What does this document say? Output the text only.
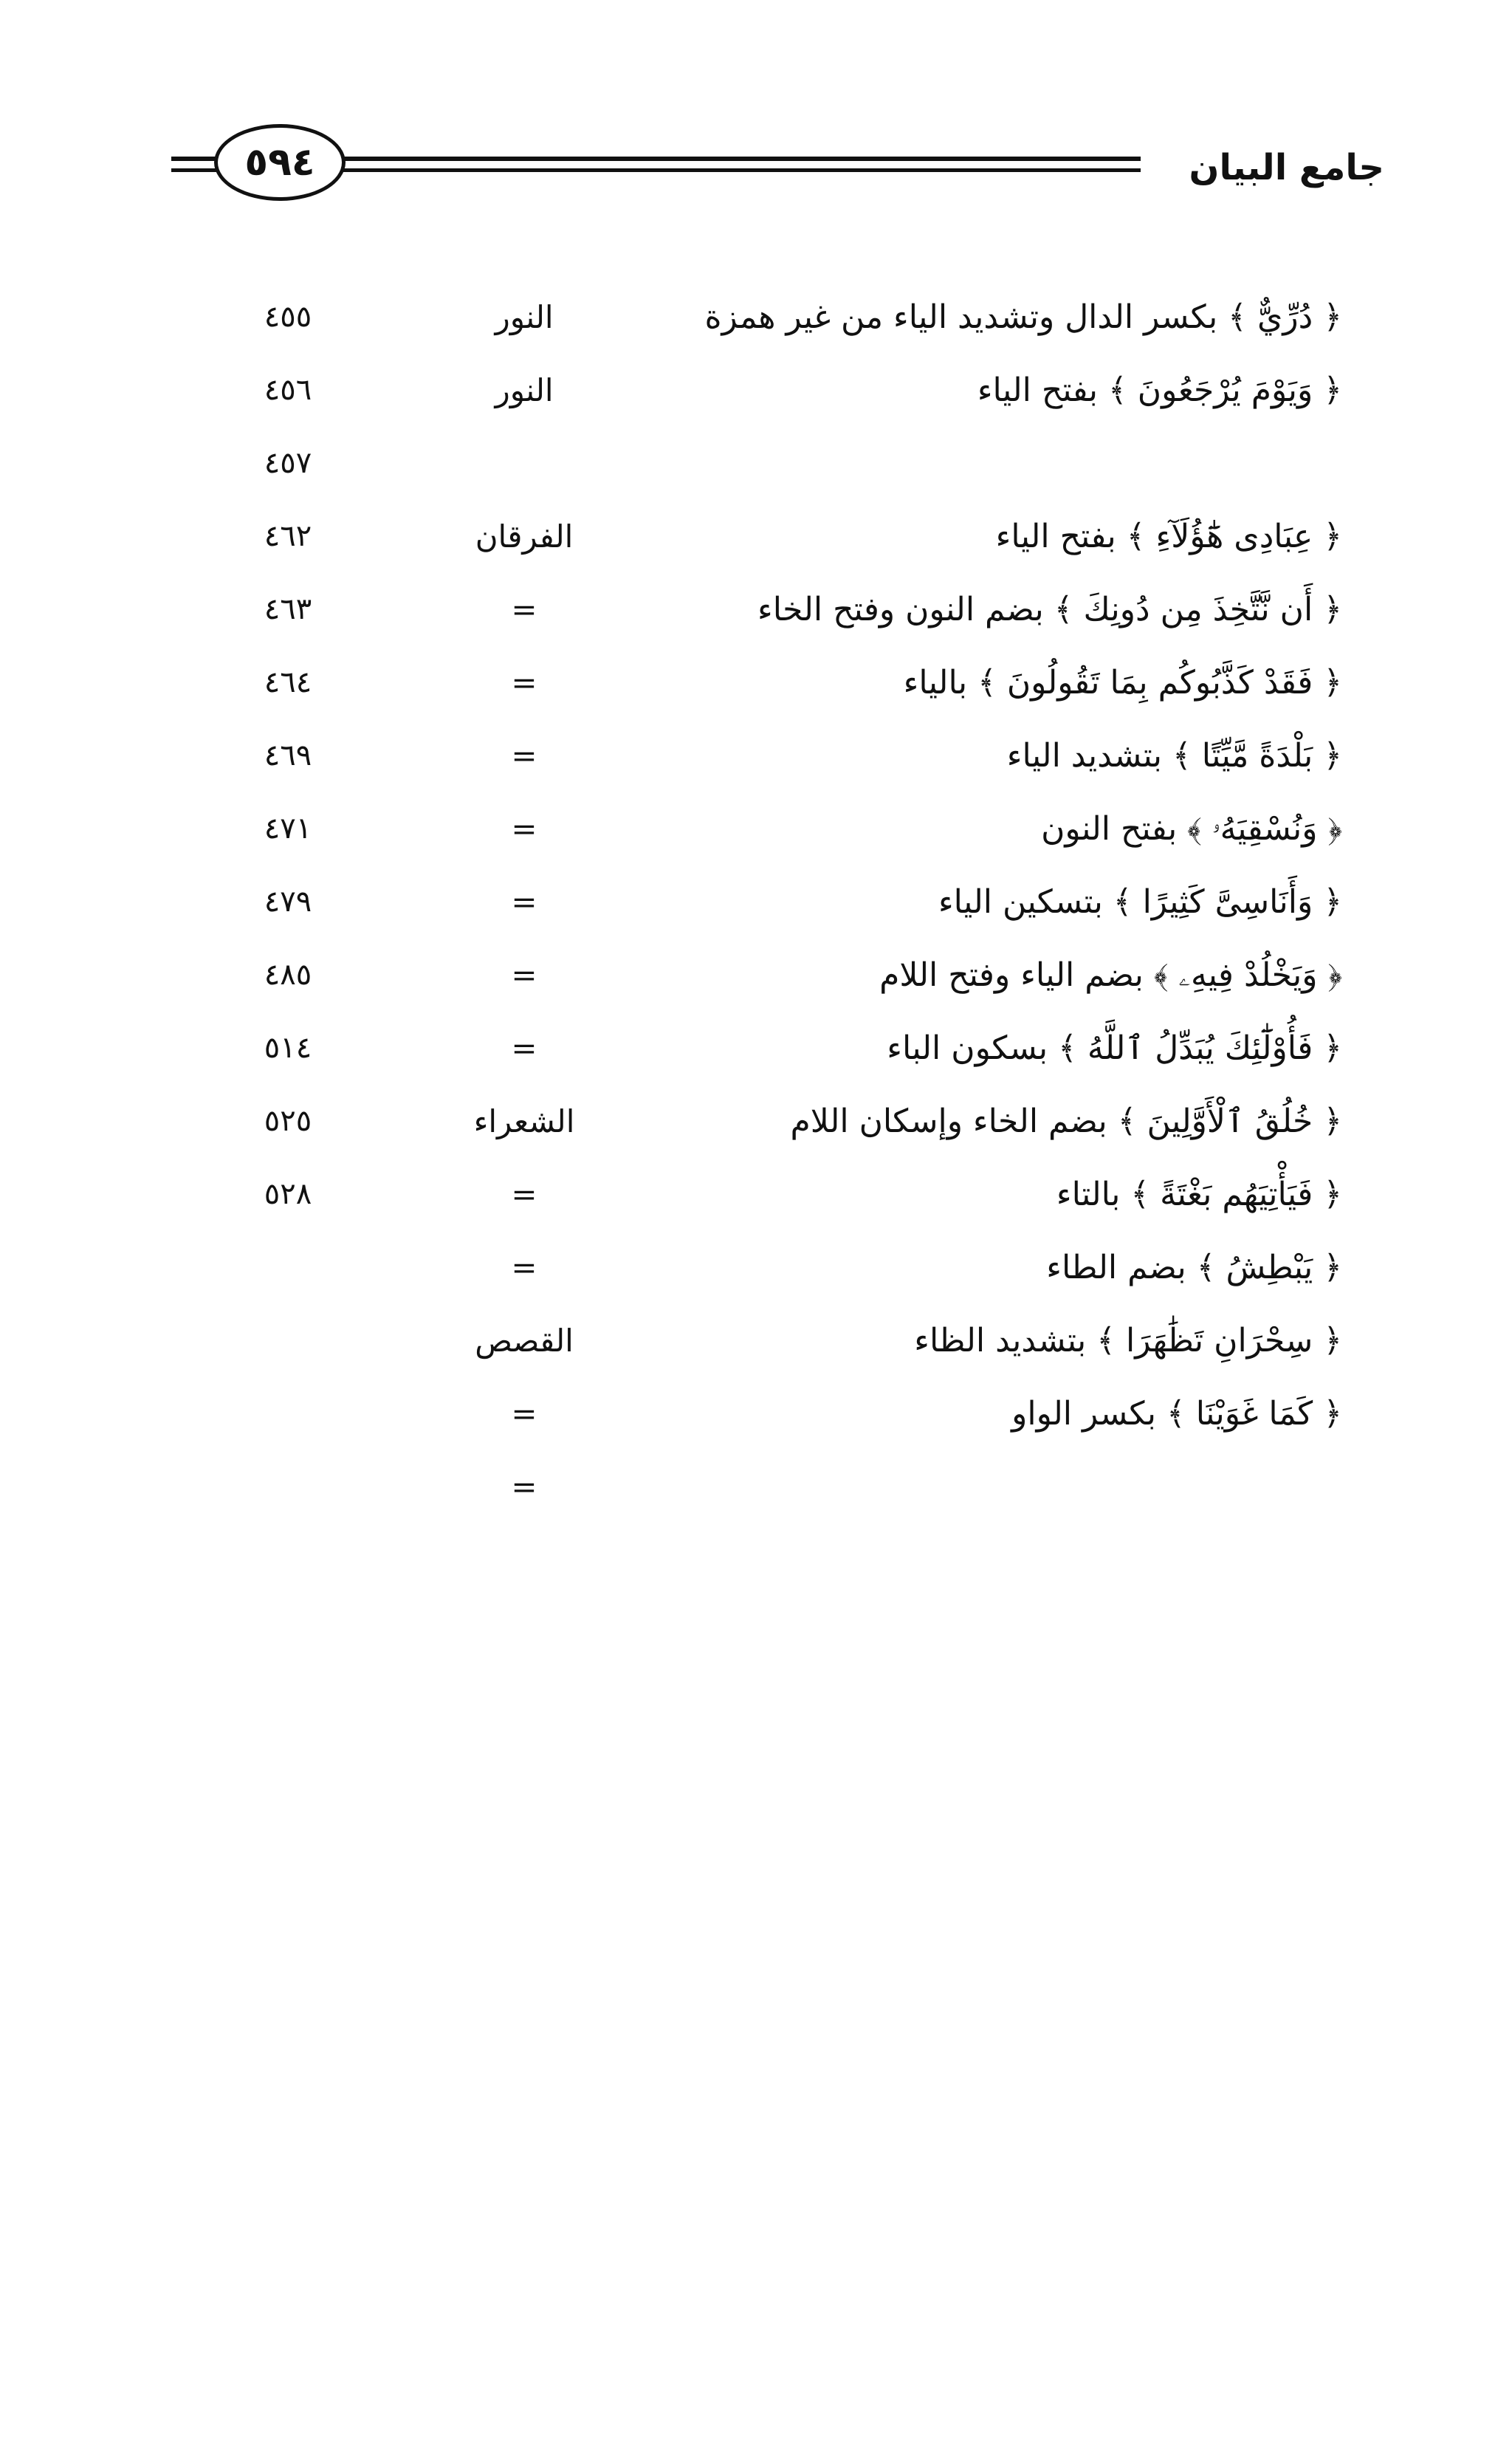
٥٩٤	جامع البيان
﴿ دُرِّيٌّ ﴾ بكسر الدال وتشديد الياء من غير همزة
النور
٤٥٥
﴿ وَيَوْمَ يُرْجَعُونَ ﴾ بفتح الياء
النور
٤٥٦
٤٥٧
﴿ عِبَادِى هَٰٓؤُلَآءِ ﴾ بفتح الياء
الفرقان
٤٦٢
﴿ أَن نَّتَّخِذَ مِن دُونِكَ ﴾ بضم النون وفتح الخاء
=
٤٦٣
﴿ فَقَدْ كَذَّبُوكُم بِمَا تَقُولُونَ ﴾ بالياء
=
٤٦٤
﴿ بَلْدَةً مَّيِّتًا ﴾ بتشديد الياء
=
٤٦٩
﴿ وَنُسْقِيَهُۥ ﴾ بفتح النون
=
٤٧١
﴿ وَأَنَاسِىَّ كَثِيرًا ﴾ بتسكين الياء
=
٤٧٩
﴿ وَيَخْلُدْ فِيهِۦ ﴾ بضم الياء وفتح اللام
=
٤٨٥
﴿ فَأُوْلَٰٓئِكَ يُبَدِّلُ ٱللَّهُ ﴾ بسكون الباء
=
٥١٤
﴿ خُلُقُ ٱلْأَوَّلِينَ ﴾ بضم الخاء وإسكان اللام
الشعراء
٥٢٥
﴿ فَيَأْتِيَهُم بَغْتَةً ﴾ بالتاء
=
٥٢٨
﴿ يَبْطِشُ ﴾ بضم الطاء
=
﴿ سِحْرَانِ تَظَٰهَرَا ﴾ بتشديد الظاء
القصص
﴿ كَمَا غَوَيْنَا ﴾ بكسر الواو
=
=
